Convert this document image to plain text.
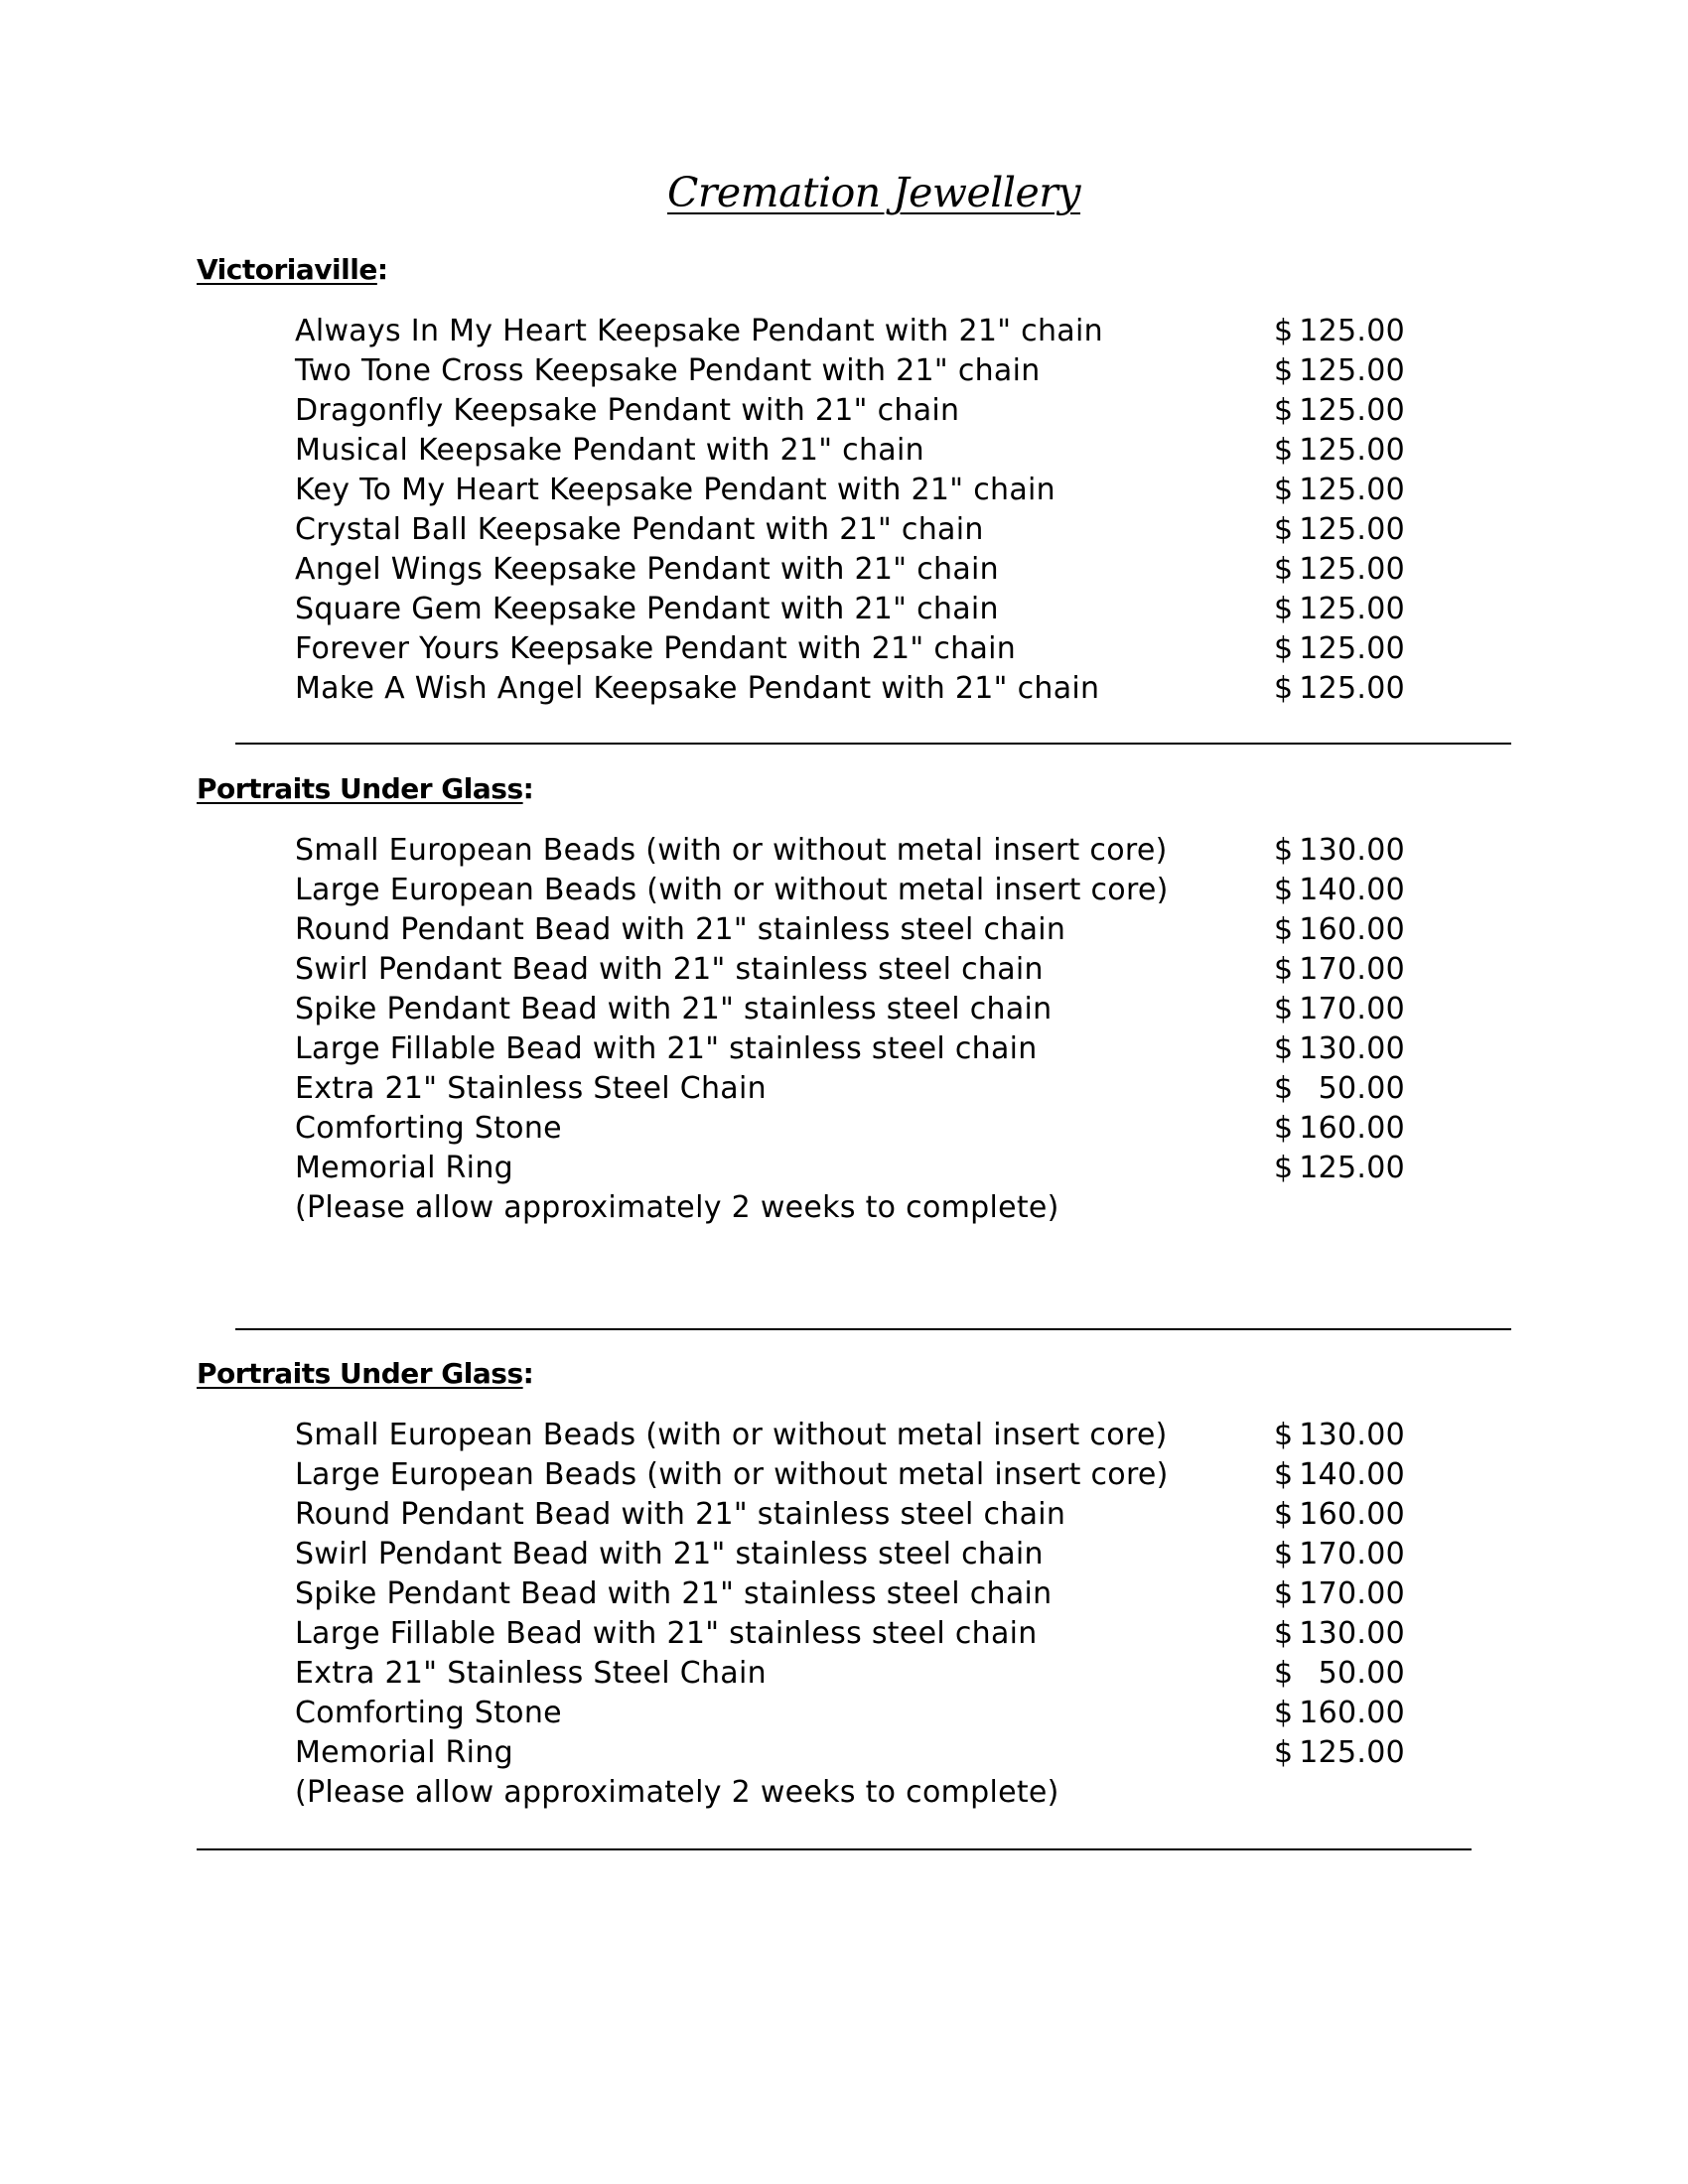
Cremation Jewellery
Victoriaville:
Always In My Heart Keepsake Pendant with 21" chain	$ 125.00
Two Tone Cross Keepsake Pendant with 21" chain	$ 125.00
Dragonfly Keepsake Pendant with 21" chain	$ 125.00
Musical Keepsake Pendant with 21" chain	$ 125.00
Key To My Heart Keepsake Pendant with 21" chain	$ 125.00
Crystal Ball Keepsake Pendant with 21" chain	$ 125.00
Angel Wings Keepsake Pendant with 21" chain	$ 125.00
Square Gem Keepsake Pendant with 21" chain	$ 125.00
Forever Yours Keepsake Pendant with 21" chain	$ 125.00
Make A Wish Angel Keepsake Pendant with 21" chain	$ 125.00
Portraits Under Glass:
Small European Beads (with or without metal insert core)	$ 130.00
Large European Beads (with or without metal insert core)	$ 140.00
Round Pendant Bead with 21" stainless steel chain	$ 160.00
Swirl Pendant Bead with 21" stainless steel chain	$ 170.00
Spike Pendant Bead with 21" stainless steel chain	$ 170.00
Large Fillable Bead with 21" stainless steel chain	$ 130.00
Extra 21" Stainless Steel Chain	$ 50.00
Comforting Stone	$ 160.00
Memorial Ring	$ 125.00
(Please allow approximately 2 weeks to complete)
Portraits Under Glass:
Small European Beads (with or without metal insert core)	$ 130.00
Large European Beads (with or without metal insert core)	$ 140.00
Round Pendant Bead with 21" stainless steel chain	$ 160.00
Swirl Pendant Bead with 21" stainless steel chain	$ 170.00
Spike Pendant Bead with 21" stainless steel chain	$ 170.00
Large Fillable Bead with 21" stainless steel chain	$ 130.00
Extra 21" Stainless Steel Chain	$ 50.00
Comforting Stone	$ 160.00
Memorial Ring	$ 125.00
(Please allow approximately 2 weeks to complete)
